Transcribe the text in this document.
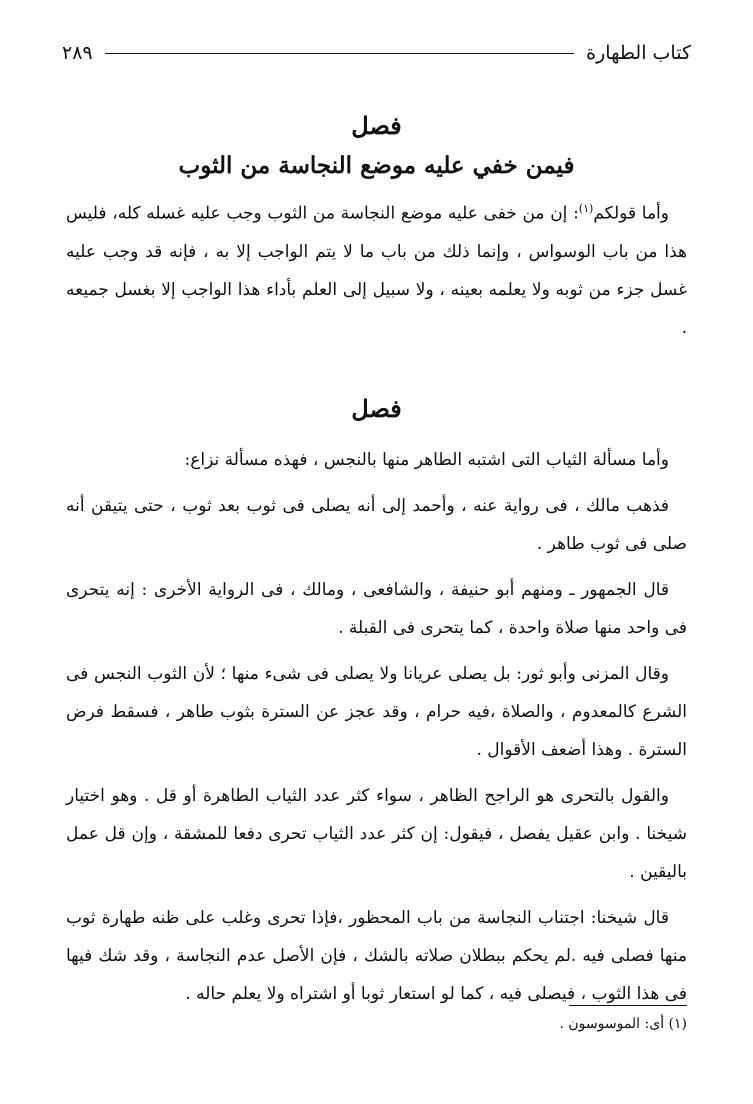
كتاب الطهارة
٢٨٩
فصل
فيمن خفي عليه موضع النجاسة من الثوب

وأما قولكم$^{(١)}$: إن من خفى عليه موضع النجاسة من الثوب وجب عليه غسله كله، فليس هذا من باب الوسواس ، وإنما ذلك من باب ما لا يتم الواجب إلا به ، فإنه قد وجب عليه غسل جزء من ثوبه ولا يعلمه بعينه ، ولا سبيل إلى العلم بأداء هذا الواجب إلا بغسل جميعه .

فصل

وأما مسألة الثياب التى اشتبه الطاهر منها بالنجس ، فهذه مسألة نزاع:

فذهب مالك ، فى رواية عنه ، وأحمد إلى أنه يصلى فى ثوب بعد ثوب ، حتى يتيقن أنه صلى فى ثوب طاهر .

قال الجمهور ـ ومنهم أبو حنيفة ، والشافعى ، ومالك ، فى الرواية الأخرى : إنه يتحرى فى واحد منها صلاة واحدة ، كما يتحرى فى القبلة .

وقال المزنى وأبو ثور: بل يصلى عريانا ولا يصلى فى شىء منها ؛ لأن الثوب النجس فى الشرع كالمعدوم ، والصلاة ،فيه حرام ، وقد عجز عن السترة بثوب طاهر ، فسقط فرض السترة . وهذا أضعف الأقوال .

والقول بالتحرى هو الراجح الظاهر ، سواء كثر عدد الثياب الطاهرة أو قل . وهو اختيار شيخنا . وابن عقيل يفصل ، فيقول: إن كثر عدد الثياب تحرى دفعا للمشقة ، وإن قل عمل باليقين .

قال شيخنا: اجتناب النجاسة من باب المحظور ،فإذا تحرى وغلب على ظنه طهارة ثوب منها فصلى فيه .لم يحكم ببطلان صلاته بالشك ، فإن الأصل عدم النجاسة ، وقد شك فيها فى هذا الثوب ، فيصلى فيه ، كما لو استعار ثوبا أو اشتراه ولا يعلم حاله .

(١) أى: الموسوسون .
